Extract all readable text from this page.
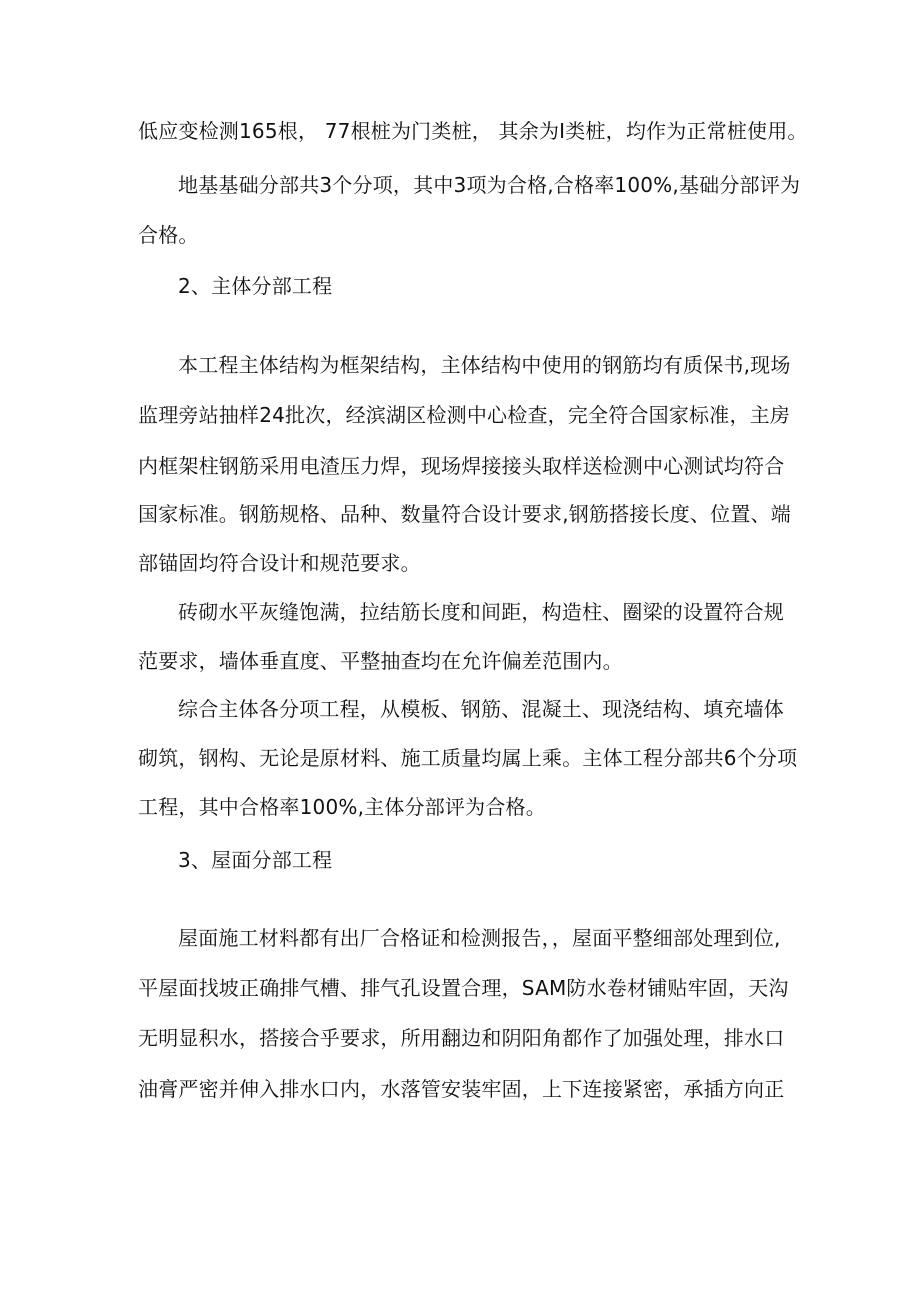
低应变检测165根， 77根桩为门类桩， 其余为I类桩，均作为正常桩使用。
地基基础分部共3个分项，其中3项为合格,合格率100%,基础分部评为
合格。
2、主体分部工程
本工程主体结构为框架结构，主体结构中使用的钢筋均有质保书,现场
监理旁站抽样24批次，经滨湖区检测中心检查，完全符合国家标准，主房
内框架柱钢筋采用电渣压力焊，现场焊接接头取样送检测中心测试均符合
国家标准。钢筋规格、品种、数量符合设计要求,钢筋搭接长度、位置、端
部锚固均符合设计和规范要求。
砖砌水平灰缝饱满，拉结筋长度和间距，构造柱、圈梁的设置符合规
范要求，墙体垂直度、平整抽查均在允许偏差范围内。
综合主体各分项工程，从模板、钢筋、混凝土、现浇结构、填充墙体
砌筑，钢构、无论是原材料、施工质量均属上乘。主体工程分部共6个分项
工程，其中合格率100%,主体分部评为合格。
3、屋面分部工程
屋面施工材料都有出厂合格证和检测报告，，屋面平整细部处理到位,
平屋面找坡正确排气槽、排气孔设置合理，SAM防水卷材铺贴牢固，天沟
无明显积水，搭接合乎要求，所用翻边和阴阳角都作了加强处理，排水口
油膏严密并伸入排水口内，水落管安装牢固，上下连接紧密，承插方向正
